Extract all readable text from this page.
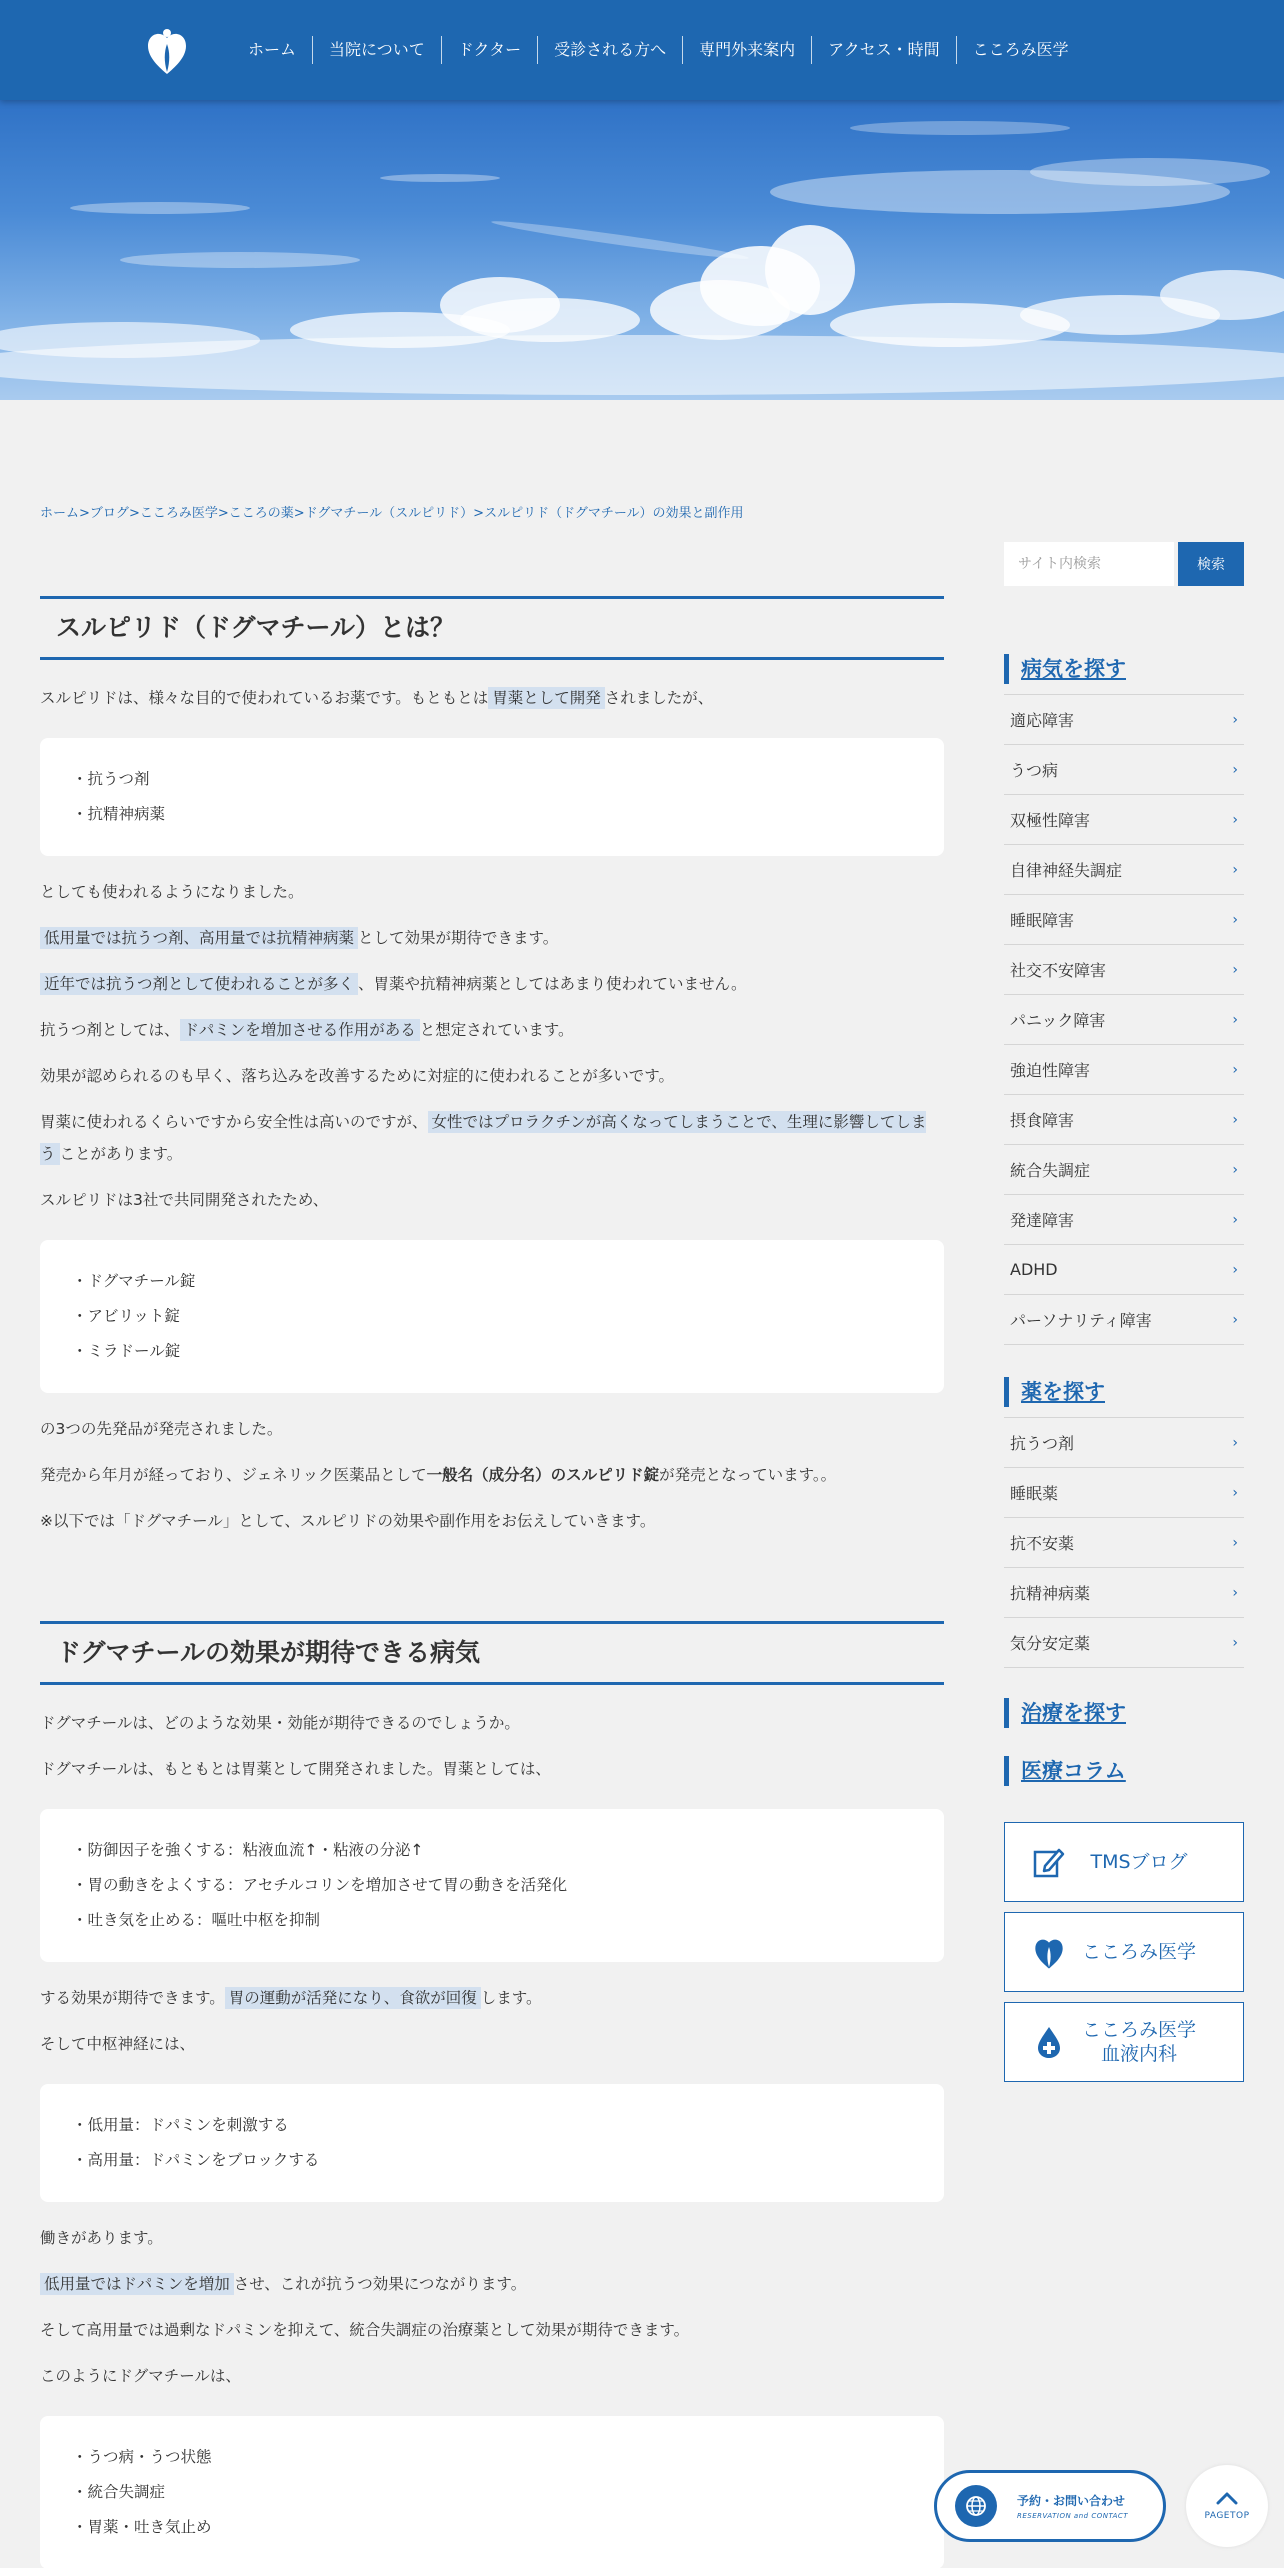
ホーム	当院について	ドクター	受診される方へ	専門外来案内	アクセス・時間	こころみ医学
ホーム>ブログ>こころみ医学>こころの薬>ドグマチール（スルピリド）>スルピリド（ドグマチール）の効果と副作用
スルピリド（ドグマチール）とは？

スルピリドは、様々な目的で使われているお薬です。もともとは 胃薬として開発 されましたが、

・ 抗うつ剤
・ 抗精神病薬

としても使われるようになりました。

低用量では抗うつ剤、高用量では抗精神病薬 として効果が期待できます。

近年では抗うつ剤として使われることが多く 、胃薬や抗精神病薬としてはあまり使われていません。

抗うつ剤としては、 ドパミンを増加させる作用がある と想定されています。

効果が認められるのも早く、落ち込みを改善するために対症的に使われることが多いです。

胃薬に使われるくらいですから安全性は高いのですが、 女性ではプロラクチンが高くなってしまうことで、生理に影響してしまう ことがあります。

スルピリドは3社で共同開発されたため、

・ ドグマチール錠
・ アビリット錠
・ ミラドール錠

の3つの先発品が発売されました。

発売から年月が経っており、ジェネリック医薬品として一般名（成分名）のスルピリド錠が発売となっています。。

※以下では「ドグマチール」として、スルピリドの効果や副作用をお伝えしていきます。

ドグマチールの効果が期待できる病気

ドグマチールは、どのような効果・効能が期待できるのでしょうか。

ドグマチールは、もともとは胃薬として開発されました。胃薬としては、

・ 防御因子を強くする：粘液血流↑・粘液の分泌↑
・ 胃の動きをよくする：アセチルコリンを増加させて胃の動きを活発化
・ 吐き気を止める：嘔吐中枢を抑制

する効果が期待できます。 胃の運動が活発になり、食欲が回復 します。

そして中枢神経には、

・ 低用量：ドパミンを刺激する
・ 高用量：ドパミンをブロックする

働きがあります。

低用量ではドパミンを増加 させ、これが抗うつ効果につながります。

そして高用量では過剰なドパミンを抑えて、統合失調症の治療薬として効果が期待できます。

このようにドグマチールは、

・ うつ病・うつ状態
・ 統合失調症
・ 胃薬・吐き気止め
サイト内検索
検索
病気を探す
適応障害	›
うつ病	›
双極性障害	›
自律神経失調症	›
睡眠障害	›
社交不安障害	›
パニック障害	›
強迫性障害	›
摂食障害	›
統合失調症	›
発達障害	›
ADHD	›
パーソナリティ障害	›
薬を探す
抗うつ剤	›
睡眠薬	›
抗不安薬	›
抗精神病薬	›
気分安定薬	›
治療を探す
医療コラム
TMSブログ
こころみ医学
こころみ医学
血液内科
予約・お問い合わせ
RESERVATION and CONTACT	PAGETOP
